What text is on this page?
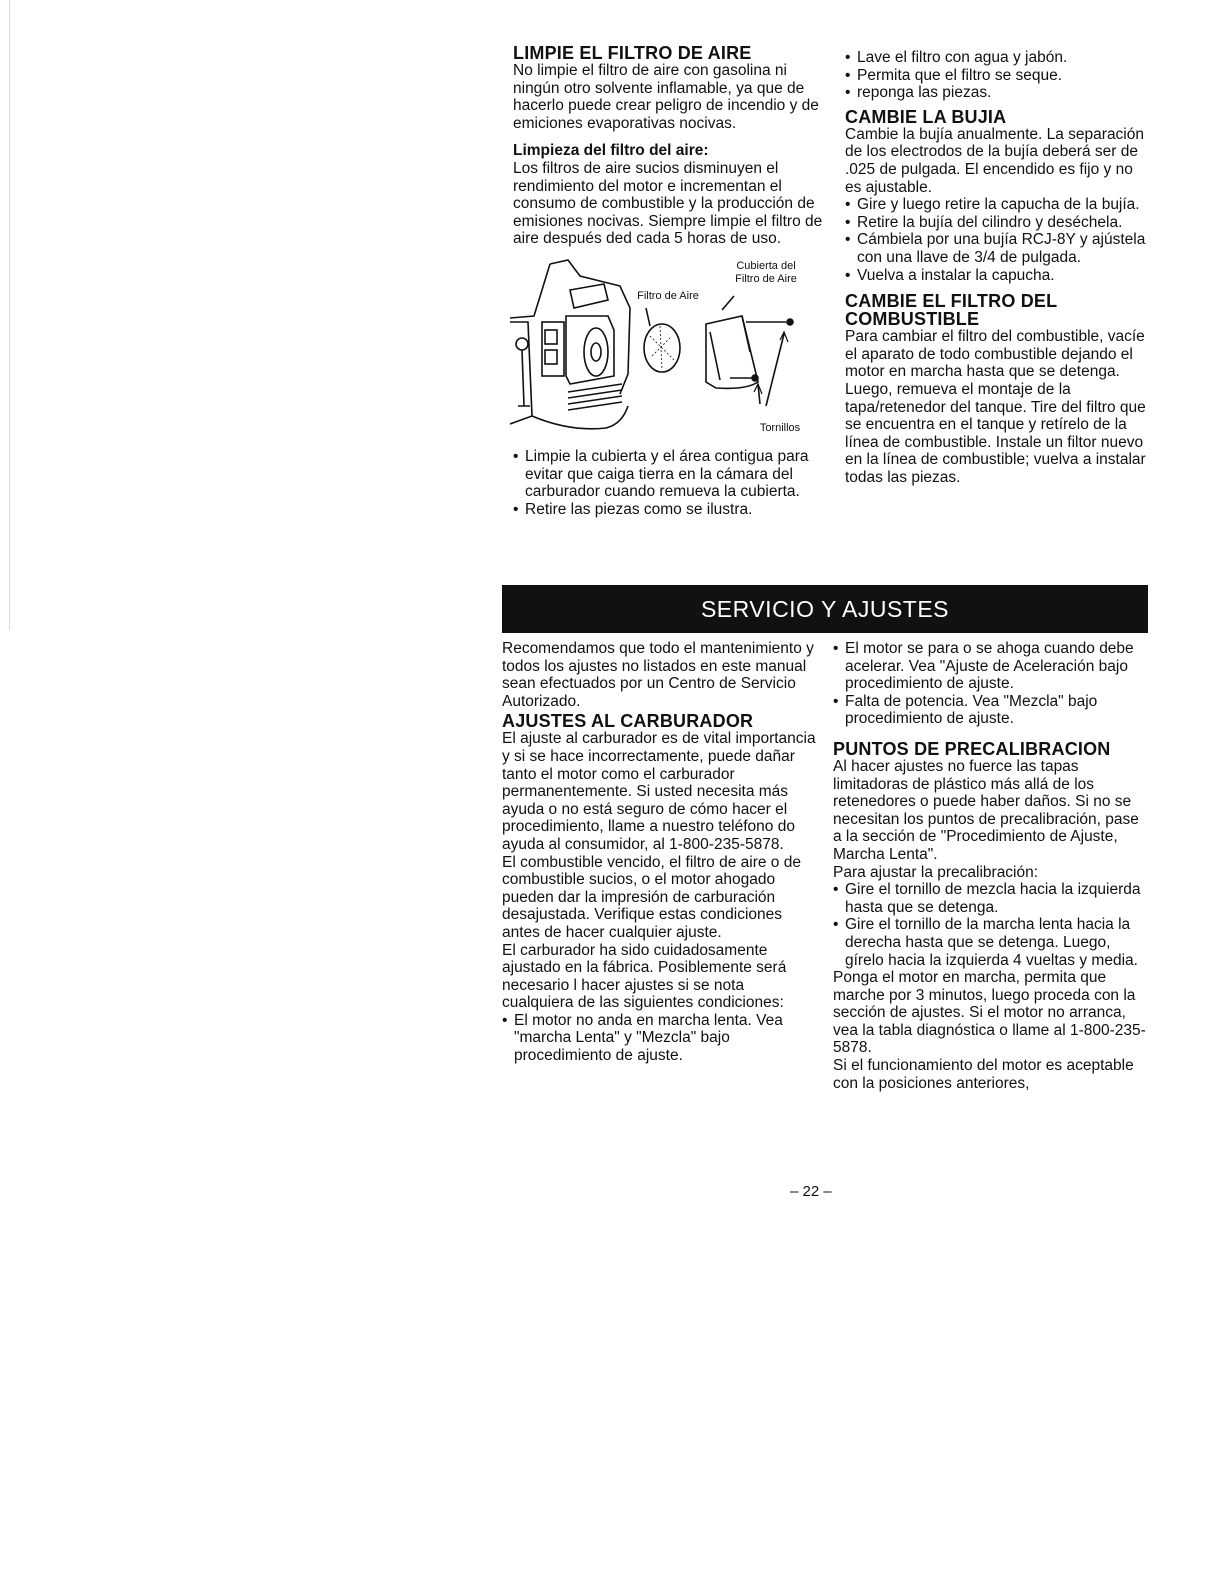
LIMPIE EL FILTRO DE AIRE

No limpie el filtro de aire con gasolina ni ningún otro solvente inflamable, ya que de hacerlo puede crear peligro de incendio y de emiciones evaporativas nocivas.

Limpieza del filtro del aire:

Los filtros de aire sucios disminuyen el rendimiento del motor e incrementan el consumo de combustible y la producción de emisiones nocivas. Siempre limpie el filtro de aire después ded cada 5 horas de uso.

Filtro de Aire
Cubierta del Filtro de Aire
Tornillos
• Limpie la cubierta y el área contigua para evitar que caiga tierra en la cámara del carburador cuando remueva la cubierta.
• Retire las piezas como se ilustra.
• Lave el filtro con agua y jabón.
• Permita que el filtro se seque.
• reponga las piezas.
CAMBIE LA BUJIA

Cambie la bujía anualmente. La separación de los electrodos de la bujía deberá ser de .025 de pulgada. El encendido es fijo y no es ajustable.

• Gire y luego retire la capucha de la bujía.
• Retire la bujía del cilindro y deséchela.
• Cámbiela por una bujía RCJ-8Y y ajústela con una llave de 3/4 de pulgada.
• Vuelva a instalar la capucha.
CAMBIE EL FILTRO DEL COMBUSTIBLE

Para cambiar el filtro del combustible, vacíe el aparato de todo combustible dejando el motor en marcha hasta que se detenga. Luego, remueva el montaje de la tapa/retenedor del tanque. Tire del filtro que se encuentra en el tanque y retírelo de la línea de combustible. Instale un filtor nuevo en la línea de combustible; vuelva a instalar todas las piezas.

SERVICIO Y AJUSTES

Recomendamos que todo el mantenimiento y todos los ajustes no listados en este manual sean efectuados por un Centro de Servicio Autorizado.

AJUSTES AL CARBURADOR

El ajuste al carburador es de vital importancia y si se hace incorrectamente, puede dañar tanto el motor como el carburador permanentemente. Si usted necesita más ayuda o no está seguro de cómo hacer el procedimiento, llame a nuestro teléfono do ayuda al consumidor, al 1-800-235-5878.

El combustible vencido, el filtro de aire o de combustible sucios, o el motor ahogado pueden dar la impresión de carburación desajustada. Verifique estas condiciones antes de hacer cualquier ajuste.

El carburador ha sido cuidadosamente ajustado en la fábrica. Posiblemente será necesario l hacer ajustes si se nota cualquiera de las siguientes condiciones:

• El motor no anda en marcha lenta. Vea "marcha Lenta" y "Mezcla" bajo procedimiento de ajuste.
• El motor se para o se ahoga cuando debe acelerar. Vea "Ajuste de Aceleración bajo procedimiento de ajuste.
• Falta de potencia. Vea "Mezcla" bajo procedimiento de ajuste.
PUNTOS DE PRECALIBRACION

Al hacer ajustes no fuerce las tapas limitadoras de plástico más allá de los retenedores o puede haber daños. Si no se necesitan los puntos de precalibración, pase a la sección de "Procedimiento de Ajuste, Marcha Lenta".

Para ajustar la precalibración:

• Gire el tornillo de mezcla hacia la izquierda hasta que se detenga.
• Gire el tornillo de la marcha lenta hacia la derecha hasta que se detenga. Luego, gírelo hacia la izquierda 4 vueltas y media.

Ponga el motor en marcha, permita que marche por 3 minutos, luego proceda con la sección de ajustes. Si el motor no arranca, vea la tabla diagnóstica o llame al 1-800-235-5878.

Si el funcionamiento del motor es aceptable con la posiciones anteriores,

– 22 –
